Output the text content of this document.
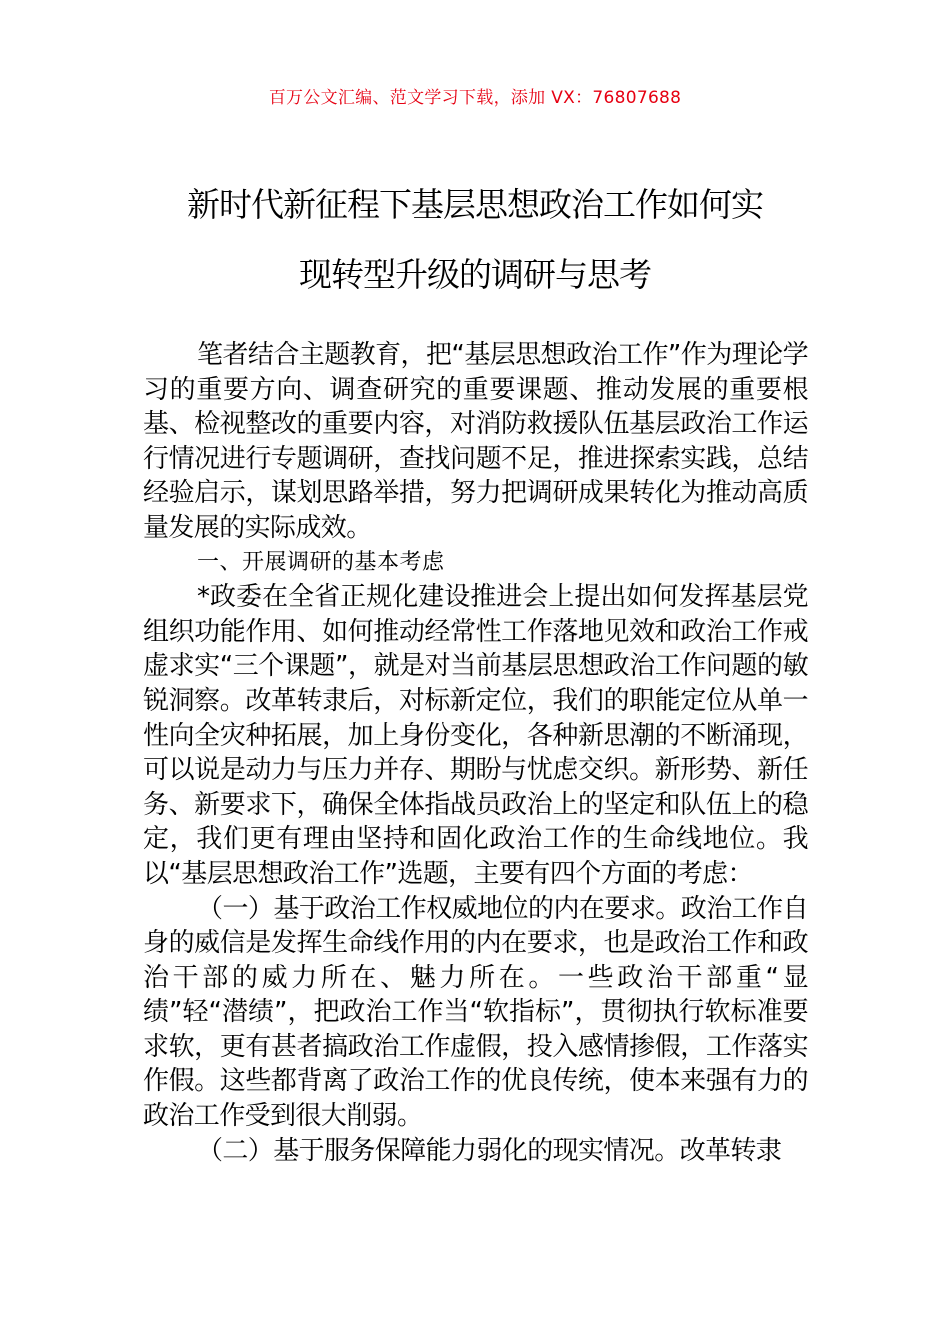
百万公文汇编、范文学习下载，添加 VX：76807688
新时代新征程下基层思想政治工作如何实
现转型升级的调研与思考

笔者结合主题教育，把“基层思想政治工作”作为理论学习的重要方向、调查研究的重要课题、推动发展的重要根基、检视整改的重要内容，对消防救援队伍基层政治工作运行情况进行专题调研，查找问题不足，推进探索实践，总结经验启示，谋划思路举措，努力把调研成果转化为推动高质量发展的实际成效。

一、开展调研的基本考虑

*政委在全省正规化建设推进会上提出如何发挥基层党组织功能作用、如何推动经常性工作落地见效和政治工作戒虚求实“三个课题”，就是对当前基层思想政治工作问题的敏锐洞察。改革转隶后，对标新定位，我们的职能定位从单一性向全灾种拓展，加上身份变化，各种新思潮的不断涌现，可以说是动力与压力并存、期盼与忧虑交织。新形势、新任务、新要求下，确保全体指战员政治上的坚定和队伍上的稳定，我们更有理由坚持和固化政治工作的生命线地位。我以“基层思想政治工作”选题，主要有四个方面的考虑：

（一）基于政治工作权威地位的内在要求。政治工作自身的威信是发挥生命线作用的内在要求，也是政治工作和政治干部的威力所在、魅力所在。一些政治干部重“显绩”轻“潜绩”，把政治工作当“软指标”，贯彻执行软标准要求软，更有甚者搞政治工作虚假，投入感情掺假，工作落实作假。这些都背离了政治工作的优良传统，使本来强有力的政治工作受到很大削弱。

（二）基于服务保障能力弱化的现实情况。改革转隶
